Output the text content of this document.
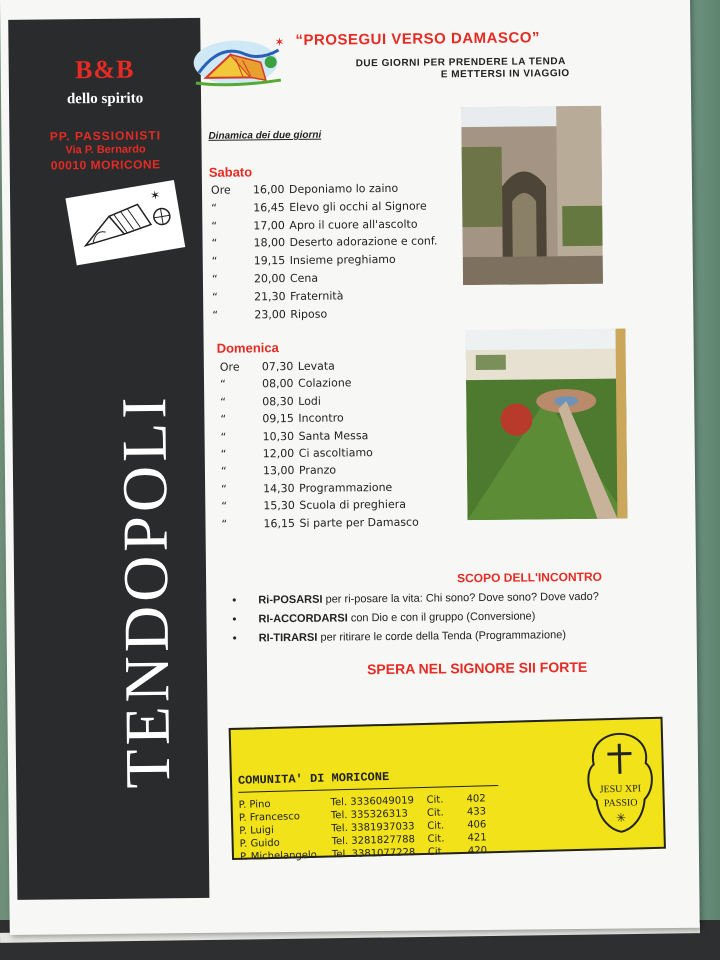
B&B
dello spirito
PP. PASSIONISTI
Via P. Bernardo
00010 MORICONE
✶
TENDOPOLI
✶ “PROSEGUI VERSO DAMASCO”
DUE GIORNI PER PRENDERE LA TENDA
E METTERSI IN VIAGGIO
Dinamica dei due giorni
Sabato
Ore 16,00 Deponiamo lo zaino
“	16,45 Elevo gli occhi al Signore
“	17,00 Apro il cuore all'ascolto
“	18,00 Deserto adorazione e conf.
“	19,15 Insieme preghiamo
“	20,00 Cena
“	21,30 Fraternità
“	23,00 Riposo
Domenica
Ore 07,30 Levata
“	08,00 Colazione
“	08,30 Lodi
“	09,15 Incontro
“	10,30 Santa Messa
“	12,00 Ci ascoltiamo
“	13,00 Pranzo
“	14,30 Programmazione
“	15,30 Scuola di preghiera
“	16,15 Si parte per Damasco
SCOPO DELL'INCONTRO
• Ri-POSARSI per ri-posare la vita: Chi sono? Dove sono? Dove vado?
• RI-ACCORDARSI con Dio e con il gruppo (Conversione)
• RI-TIRARSI per ritirare le corde della Tenda (Programmazione)
SPERA NEL SIGNORE SII FORTE
COMUNITA' DI MORICONE
P. Pino	Tel. 3336049019 Cit. 402
P. Francesco	Tel. 335326313 Cit. 433
P. Luigi	Tel. 3381937033 Cit. 406
P. Guido	Tel. 3281827788 Cit. 421
P. Michelangelo Tel. 3381077228 Cit	420
JESU XPI
PASSIO
✳
